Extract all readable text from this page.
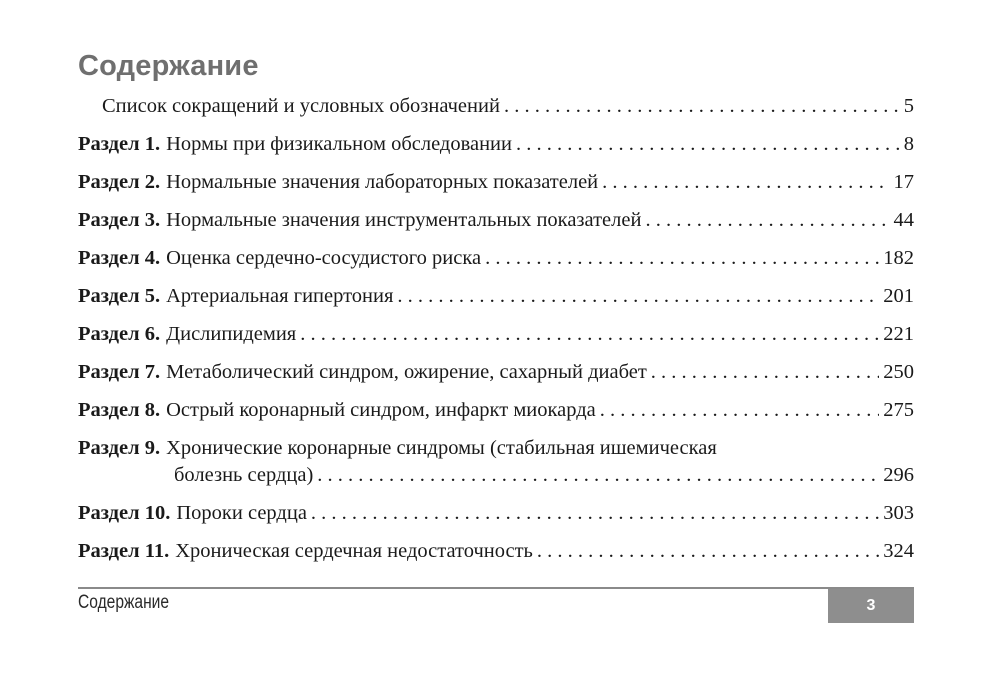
Содержание
Список сокращений и условных обозначений . . .	5
Раздел 1. Нормы при физикальном обследовании . . .	8
Раздел 2. Нормальные значения лабораторных показателей . . .	17
Раздел 3. Нормальные значения инструментальных показателей . . .	44
Раздел 4. Оценка сердечно-сосудистого риска . . .	182
Раздел 5. Артериальная гипертония . . .	201
Раздел 6. Дислипидемия . . .	221
Раздел 7. Метаболический синдром, ожирение, сахарный диабет . . .	250
Раздел 8. Острый коронарный синдром, инфаркт миокарда . . .	275
Раздел 9. Хронические коронарные синдромы (стабильная ишемическая
болезнь сердца) . . .	296
Раздел 10. Пороки сердца . . .	303
Раздел 11. Хроническая сердечная недостаточность . . .	324
Содержание	3
